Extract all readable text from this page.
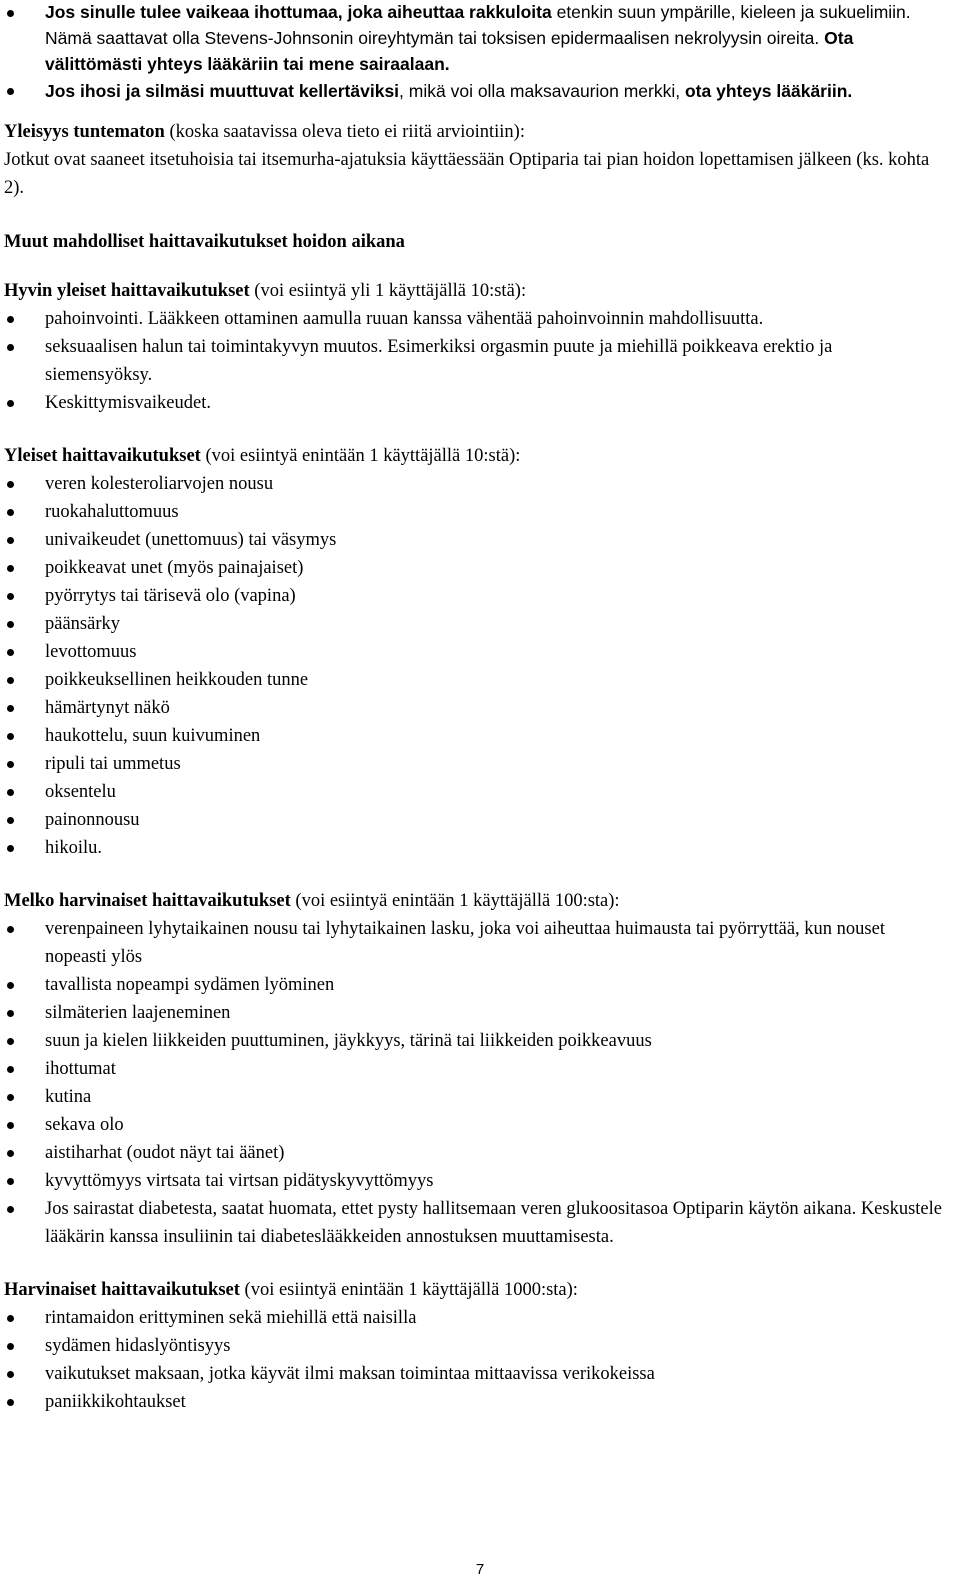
Jos sinulle tulee vaikeaa ihottumaa, joka aiheuttaa rakkuloita etenkin suun ympärille, kieleen ja sukuelimiin. Nämä saattavat olla Stevens-Johnsonin oireyhtymän tai toksisen epidermaalisen nekrolyysin oireita. Ota välittömästi yhteys lääkäriin tai mene sairaalaan.
Jos ihosi ja silmäsi muuttuvat kellertäviksi, mikä voi olla maksavaurion merkki, ota yhteys lääkäriin.

Yleisyys tuntematon (koska saatavissa oleva tieto ei riitä arviointiin):

Jotkut ovat saaneet itsetuhoisia tai itsemurha-ajatuksia käyttäessään Optiparia tai pian hoidon lopettamisen jälkeen (ks. kohta 2).

Muut mahdolliset haittavaikutukset hoidon aikana

Hyvin yleiset haittavaikutukset (voi esiintyä yli 1 käyttäjällä 10:stä):

pahoinvointi. Lääkkeen ottaminen aamulla ruuan kanssa vähentää pahoinvoinnin mahdollisuutta.
seksuaalisen halun tai toimintakyvyn muutos. Esimerkiksi orgasmin puute ja miehillä poikkeava erektio ja siemensyöksy.
Keskittymisvaikeudet.

Yleiset haittavaikutukset (voi esiintyä enintään 1 käyttäjällä 10:stä):

veren kolesteroliarvojen nousu
ruokahaluttomuus
univaikeudet (unettomuus) tai väsymys
poikkeavat unet (myös painajaiset)
pyörrytys tai tärisevä olo (vapina)
päänsärky
levottomuus
poikkeuksellinen heikkouden tunne
hämärtynyt näkö
haukottelu, suun kuivuminen
ripuli tai ummetus
oksentelu
painonnousu
hikoilu.

Melko harvinaiset haittavaikutukset (voi esiintyä enintään 1 käyttäjällä 100:sta):

verenpaineen lyhytaikainen nousu tai lyhytaikainen lasku, joka voi aiheuttaa huimausta tai pyörryttää, kun nouset nopeasti ylös
tavallista nopeampi sydämen lyöminen
silmäterien laajeneminen
suun ja kielen liikkeiden puuttuminen, jäykkyys, tärinä tai liikkeiden poikkeavuus
ihottumat
kutina
sekava olo
aistiharhat (oudot näyt tai äänet)
kyvyttömyys virtsata tai virtsan pidätyskyvyttömyys
Jos sairastat diabetesta, saatat huomata, ettet pysty hallitsemaan veren glukoositasoa Optiparin käytön aikana. Keskustele lääkärin kanssa insuliinin tai diabeteslääkkeiden annostuksen muuttamisesta.

Harvinaiset haittavaikutukset (voi esiintyä enintään 1 käyttäjällä 1000:sta):

rintamaidon erittyminen sekä miehillä että naisilla
sydämen hidaslyöntisyys
vaikutukset maksaan, jotka käyvät ilmi maksan toimintaa mittaavissa verikokeissa
paniikkikohtaukset
7
